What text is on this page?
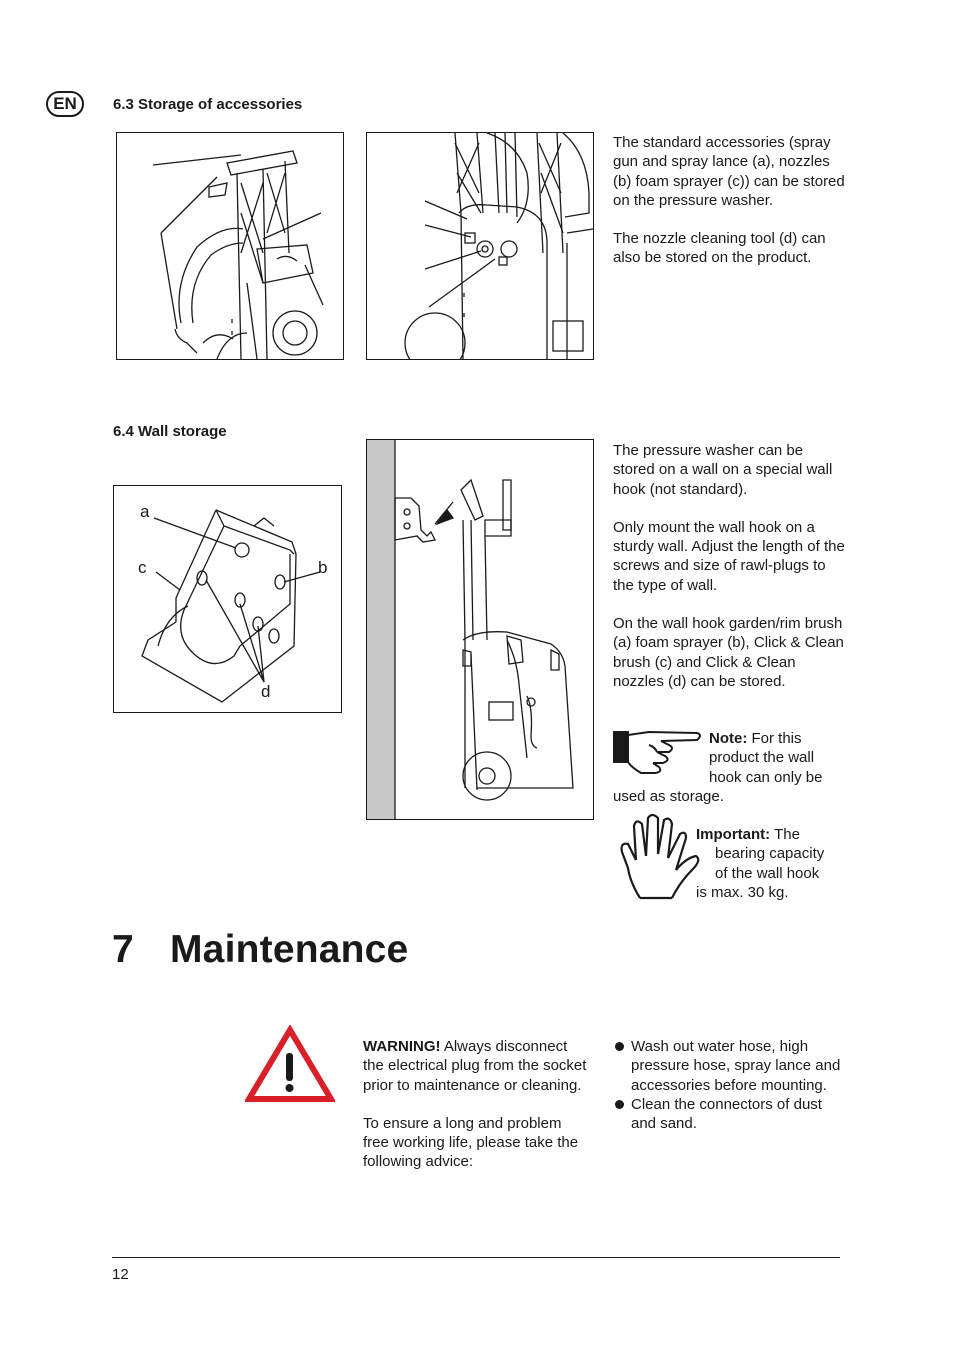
EN	6.3 Storage of accessories

The standard accessories (spray gun and spray lance (a), nozzles (b) foam sprayer (c)) can be stored on the pressure washer.

The nozzle cleaning tool (d) can also be stored on the product.

6.4 Wall storage
a
b
c
d

The pressure washer can be stored on a wall on a special wall hook (not standard).

Only mount the wall hook on a sturdy wall. Adjust the length of the screws and size of rawl-plugs to the type of wall.

On the wall hook garden/rim brush (a) foam sprayer (b), Click & Clean brush (c) and Click & Clean nozzles (d) can be stored.

Note: For this product the wall hook can only be
used as storage.
Important: The
bearing capacity
of the wall hook
is max. 30 kg.
7 Maintenance

WARNING! Always disconnect the electrical plug from the socket prior to maintenance or cleaning.

To ensure a long and problem free working life, please take the following advice:

Wash out water hose, high pressure hose, spray lance and accessories before mounting.
Clean the connectors of dust and sand.
12
